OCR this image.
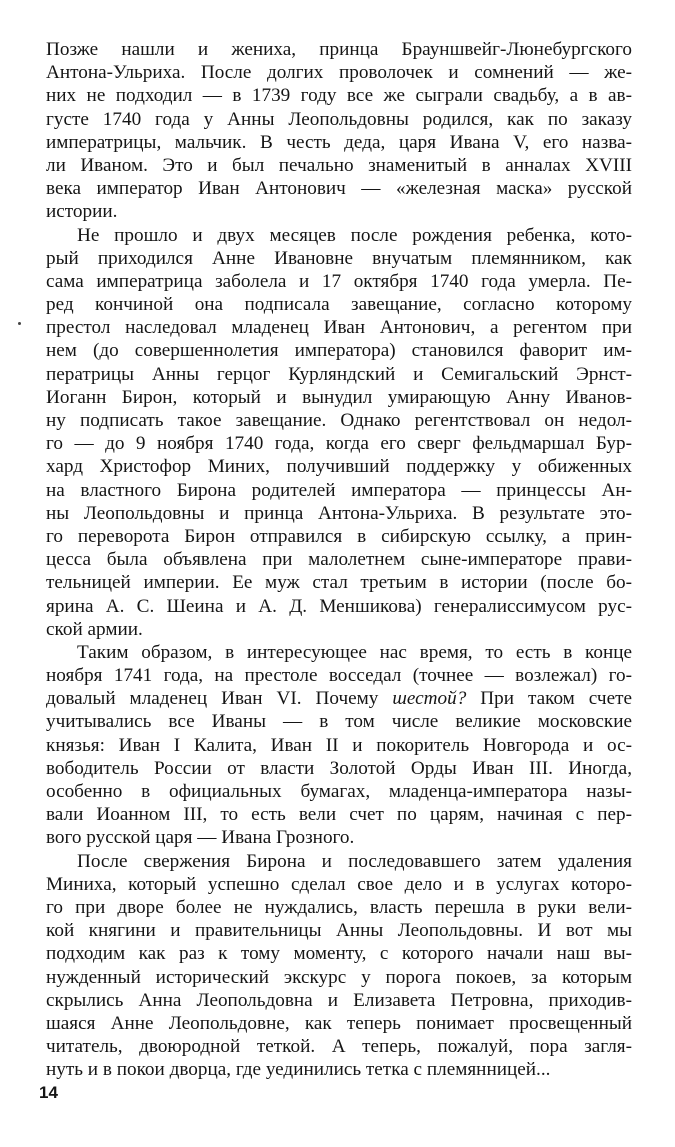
Позже нашли и жениха, принца Брауншвейг-Люнебургского
Антона-Ульриха. После долгих проволочек и сомнений — же-
них не подходил — в 1739 году все же сыграли свадьбу, а в ав-
густе 1740 года у Анны Леопольдовны родился, как по заказу
императрицы, мальчик. В честь деда, царя Ивана V, его назва-
ли Иваном. Это и был печально знаменитый в анналах XVIII
века император Иван Антонович — «железная маска» русской
истории.
Не прошло и двух месяцев после рождения ребенка, кото-
рый приходился Анне Ивановне внучатым племянником, как
сама императрица заболела и 17 октября 1740 года умерла. Пе-
ред кончиной она подписала завещание, согласно которому
престол наследовал младенец Иван Антонович, а регентом при
нем (до совершеннолетия императора) становился фаворит им-
ператрицы Анны герцог Курляндский и Семигальский Эрнст-
Иоганн Бирон, который и вынудил умирающую Анну Иванов-
ну подписать такое завещание. Однако регентствовал он недол-
го — до 9 ноября 1740 года, когда его сверг фельдмаршал Бур-
хард Христофор Миних, получивший поддержку у обиженных
на властного Бирона родителей императора — принцессы Ан-
ны Леопольдовны и принца Антона-Ульриха. В результате это-
го переворота Бирон отправился в сибирскую ссылку, а прин-
цесса была объявлена при малолетнем сыне-императоре прави-
тельницей империи. Ее муж стал третьим в истории (после бо-
ярина А. С. Шеина и А. Д. Меншикова) генералиссимусом рус-
ской армии.
Таким образом, в интересующее нас время, то есть в конце
ноября 1741 года, на престоле восседал (точнее — возлежал) го-
довалый младенец Иван VI. Почему шестой? При таком счете
учитывались все Иваны — в том числе великие московские
князья: Иван I Калита, Иван II и покоритель Новгорода и ос-
вободитель России от власти Золотой Орды Иван III. Иногда,
особенно в официальных бумагах, младенца-императора назы-
вали Иоанном III, то есть вели счет по царям, начиная с пер-
вого русской царя — Ивана Грозного.
После свержения Бирона и последовавшего затем удаления
Миниха, который успешно сделал свое дело и в услугах которо-
го при дворе более не нуждались, власть перешла в руки вели-
кой княгини и правительницы Анны Леопольдовны. И вот мы
подходим как раз к тому моменту, с которого начали наш вы-
нужденный исторический экскурс у порога покоев, за которым
скрылись Анна Леопольдовна и Елизавета Петровна, приходив-
шаяся Анне Леопольдовне, как теперь понимает просвещенный
читатель, двоюродной теткой. А теперь, пожалуй, пора загля-
нуть и в покои дворца, где уединились тетка с племянницей...
14
